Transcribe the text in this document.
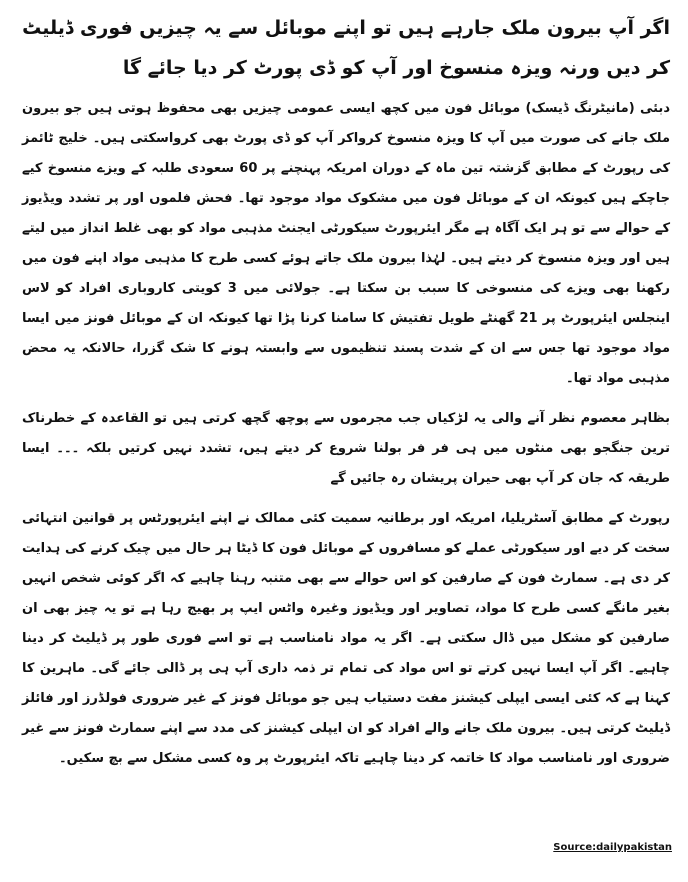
اگر آپ بیرون ملک جارہے ہیں تو اپنے موبائل سے یہ چیزیں فوری ڈیلیٹ کر دیں ورنہ ویزہ منسوخ اور آپ کو ڈی پورٹ کر دیا جائے گا

دبئی (مانیٹرنگ ڈیسک) موبائل فون میں کچھ ایسی عمومی چیزیں بھی محفوظ ہوتی ہیں جو بیرون ملک جانے کی صورت میں آپ کا ویزہ منسوخ کرواکر آپ کو ڈی پورٹ بھی کرواسکتی ہیں۔ خلیج ٹائمز کی رپورٹ کے مطابق گزشتہ تین ماہ کے دوران امریکہ پہنچنے پر 60 سعودی طلبہ کے ویزے منسوخ کیے جاچکے ہیں کیونکہ ان کے موبائل فون میں مشکوک مواد موجود تھا۔ فحش فلموں اور پر تشدد ویڈیوز کے حوالے سے تو ہر ایک آگاہ ہے مگر ایئرپورٹ سیکورٹی ایجنٹ مذہبی مواد کو بھی غلط انداز میں لیتے ہیں اور ویزہ منسوخ کر دیتے ہیں۔ لہٰذا بیرون ملک جاتے ہوئے کسی طرح کا مذہبی مواد اپنے فون میں رکھنا بھی ویزے کی منسوخی کا سبب بن سکتا ہے۔ جولائی میں 3 کویتی کاروباری افراد کو لاس اینجلس ایئرپورٹ پر 21 گھنٹے طویل تفتیش کا سامنا کرنا پڑا تھا کیونکہ ان کے موبائل فونز میں ایسا مواد موجود تھا جس سے ان کے شدت پسند تنظیموں سے وابستہ ہونے کا شک گزرا، حالانکہ یہ محض مذہبی مواد تھا۔

بظاہر معصوم نظر آنے والی یہ لڑکیاں جب مجرموں سے پوچھ گچھ کرتی ہیں تو القاعدہ کے خطرناک ترین جنگجو بھی منٹوں میں ہی فر فر بولنا شروع کر دیتے ہیں، تشدد نہیں کرتیں بلکہ ۔۔۔ ایسا طریقہ کہ جان کر آپ بھی حیران پریشان رہ جائیں گے

رپورٹ کے مطابق آسٹریلیا، امریکہ اور برطانیہ سمیت کئی ممالک نے اپنے ایئرپورٹس پر قوانین انتہائی سخت کر دیے اور سیکورٹی عملے کو مسافروں کے موبائل فون کا ڈیٹا ہر حال میں چیک کرنے کی ہدایت کر دی ہے۔ سمارٹ فون کے صارفین کو اس حوالے سے بھی متنبہ رہنا چاہیے کہ اگر کوئی شخص انہیں بغیر مانگے کسی طرح کا مواد، تصاویر اور ویڈیوز وغیرہ واٹس ایپ پر بھیج رہا ہے تو یہ چیز بھی ان صارفین کو مشکل میں ڈال سکتی ہے۔ اگر یہ مواد نامناسب ہے تو اسے فوری طور پر ڈیلیٹ کر دینا چاہیے۔ اگر آپ ایسا نہیں کرتے تو اس مواد کی تمام تر ذمہ داری آپ ہی پر ڈالی جائے گی۔ ماہرین کا کہنا ہے کہ کئی ایسی ایپلی کیشنز مفت دستیاب ہیں جو موبائل فونز کے غیر ضروری فولڈرز اور فائلز ڈیلیٹ کرتی ہیں۔ بیرون ملک جانے والے افراد کو ان ایپلی کیشنز کی مدد سے اپنے سمارٹ فونز سے غیر ضروری اور نامناسب مواد کا خاتمہ کر دینا چاہیے تاکہ ایئرپورٹ پر وہ کسی مشکل سے بچ سکیں۔

Source:dailypakistan
